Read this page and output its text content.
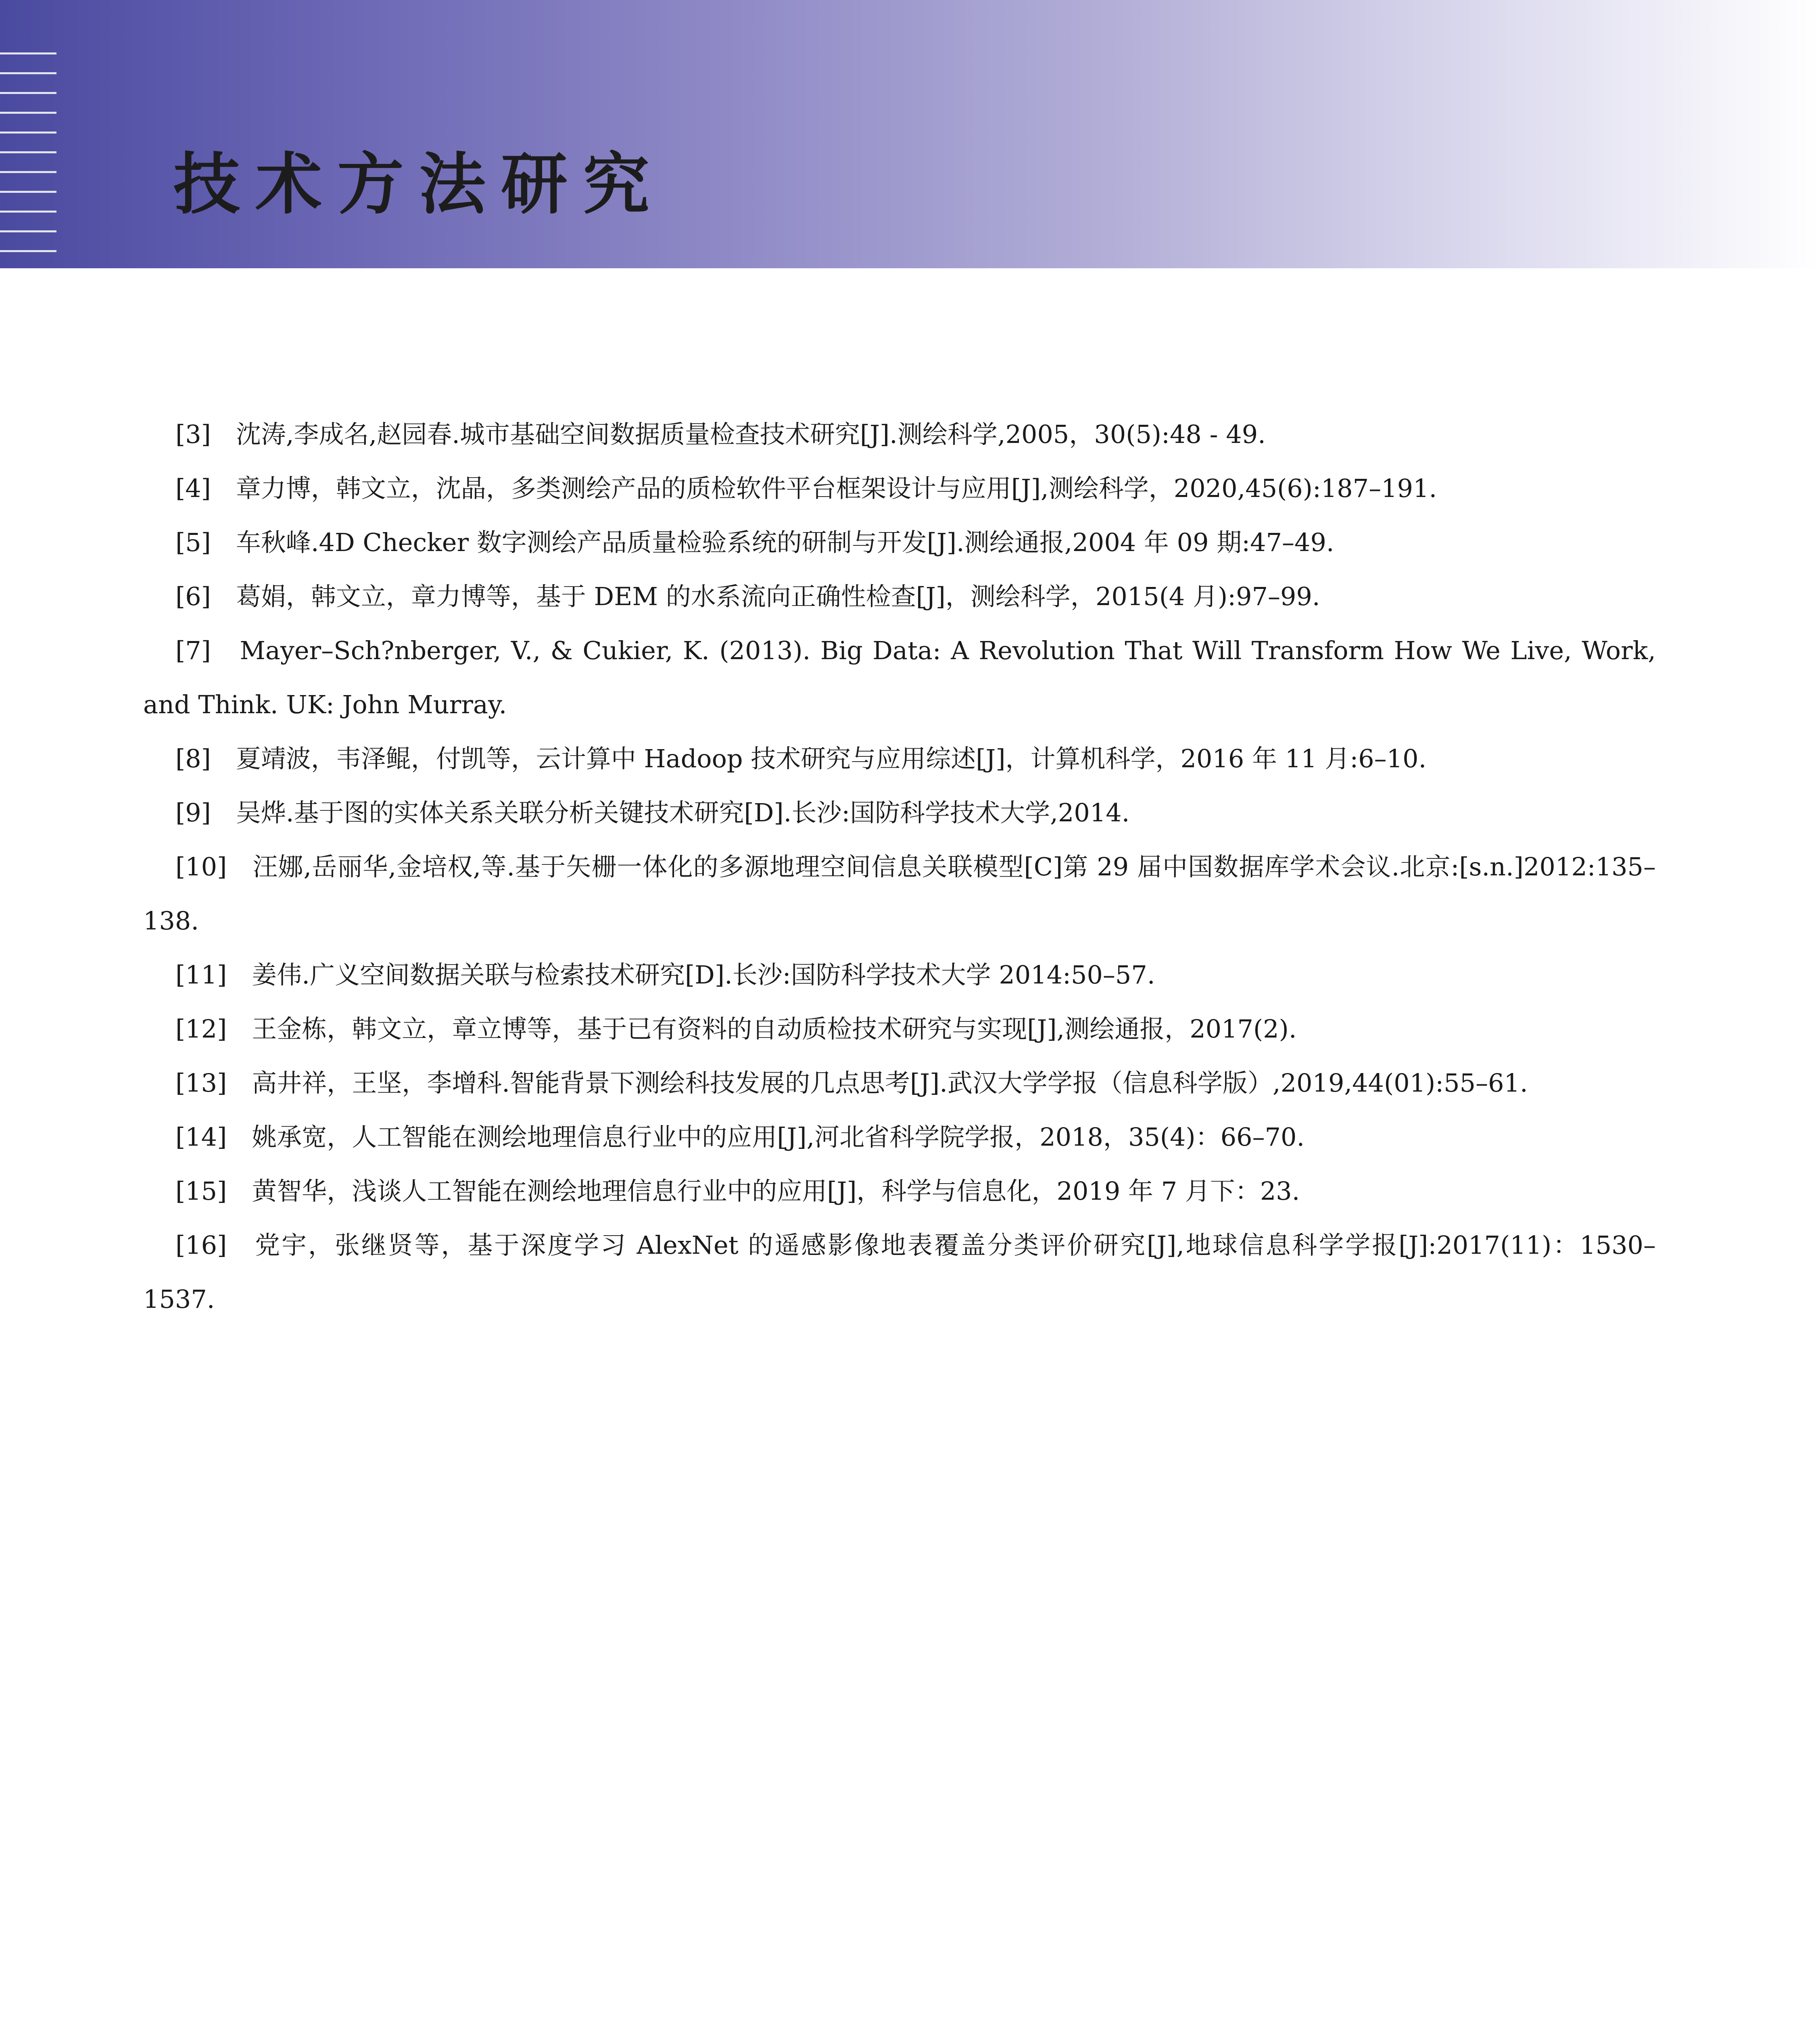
技术方法研究

[3]　沈涛,李成名,赵园春.城市基础空间数据质量检查技术研究[J].测绘科学,2005，30(5):48 - 49.

[4]　章力博，韩文立，沈晶，多类测绘产品的质检软件平台框架设计与应用[J],测绘科学，2020,45(6):187–191.

[5]　车秋峰.4D Checker 数字测绘产品质量检验系统的研制与开发[J].测绘通报,2004 年 09 期:47–49.

[6]　葛娟，韩文立，章力博等，基于 DEM 的水系流向正确性检查[J]，测绘科学，2015(4 月):97–99.

[7]　Mayer–Sch?nberger, V., & Cukier, K. (2013). Big Data: A Revolution That Will Transform How We Live, Work, and Think. UK: John Murray.

[8]　夏靖波，韦泽鲲，付凯等，云计算中 Hadoop 技术研究与应用综述[J]，计算机科学，2016 年 11 月:6–10.

[9]　吴烨.基于图的实体关系关联分析关键技术研究[D].长沙:国防科学技术大学,2014.

[10]　汪娜,岳丽华,金培权,等.基于矢栅一体化的多源地理空间信息关联模型[C]第 29 届中国数据库学术会议.北京:[s.n.]2012:135–138.

[11]　姜伟.广义空间数据关联与检索技术研究[D].长沙:国防科学技术大学 2014:50–57.

[12]　王金栋，韩文立，章立博等，基于已有资料的自动质检技术研究与实现[J],测绘通报，2017(2).

[13]　高井祥，王坚，李增科.智能背景下测绘科技发展的几点思考[J].武汉大学学报（信息科学版）,2019,44(01):55–61.

[14]　姚承宽，人工智能在测绘地理信息行业中的应用[J],河北省科学院学报，2018，35(4)：66–70.

[15]　黄智华，浅谈人工智能在测绘地理信息行业中的应用[J]，科学与信息化，2019 年 7 月下：23.

[16]　党宇，张继贤等，基于深度学习 AlexNet 的遥感影像地表覆盖分类评价研究[J],地球信息科学学报[J]:2017(11)：1530–1537.
